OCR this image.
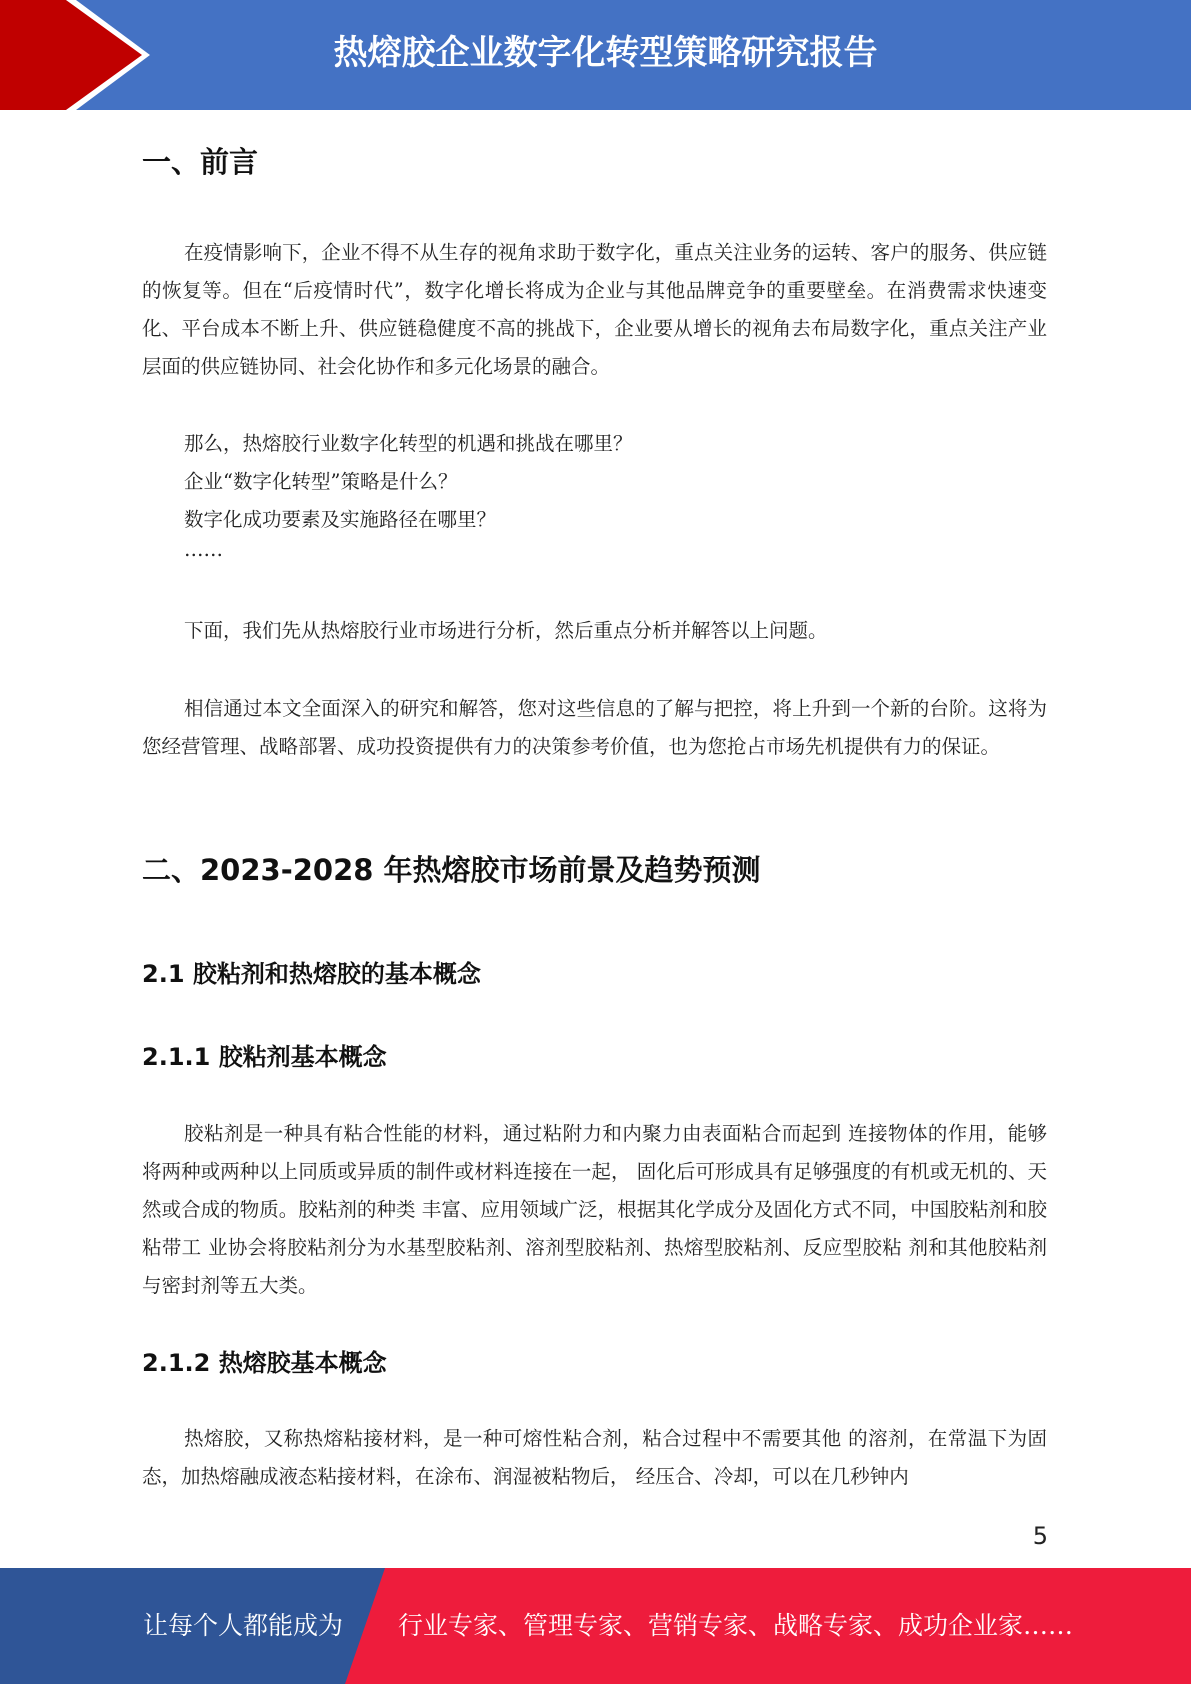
热熔胶企业数字化转型策略研究报告
一、前言
在疫情影响下，企业不得不从生存的视角求助于数字化，重点关注业务的运转、客户的服务、供应链的恢复等。但在“后疫情时代”，数字化增长将成为企业与其他品牌竞争的重要壁垒。在消费需求快速变化、平台成本不断上升、供应链稳健度不高的挑战下，企业要从增长的视角去布局数字化，重点关注产业层面的供应链协同、社会化协作和多元化场景的融合。
那么，热熔胶行业数字化转型的机遇和挑战在哪里？
企业“数字化转型”策略是什么？
数字化成功要素及实施路径在哪里？
……
下面，我们先从热熔胶行业市场进行分析，然后重点分析并解答以上问题。
相信通过本文全面深入的研究和解答，您对这些信息的了解与把控，将上升到一个新的台阶。这将为您经营管理、战略部署、成功投资提供有力的决策参考价值，也为您抢占市场先机提供有力的保证。
二、2023-2028 年热熔胶市场前景及趋势预测
2.1 胶粘剂和热熔胶的基本概念
2.1.1 胶粘剂基本概念
胶粘剂是一种具有粘合性能的材料，通过粘附力和内聚力由表面粘合而起到 连接物体的作用，能够将两种或两种以上同质或异质的制件或材料连接在一起， 固化后可形成具有足够强度的有机或无机的、天然或合成的物质。胶粘剂的种类 丰富、应用领域广泛，根据其化学成分及固化方式不同，中国胶粘剂和胶粘带工 业协会将胶粘剂分为水基型胶粘剂、溶剂型胶粘剂、热熔型胶粘剂、反应型胶粘 剂和其他胶粘剂与密封剂等五大类。
2.1.2 热熔胶基本概念
热熔胶，又称热熔粘接材料，是一种可熔性粘合剂，粘合过程中不需要其他 的溶剂，在常温下为固态，加热熔融成液态粘接材料，在涂布、润湿被粘物后， 经压合、冷却，可以在几秒钟内
5
让每个人都能成为 行业专家、管理专家、营销专家、战略专家、成功企业家……
